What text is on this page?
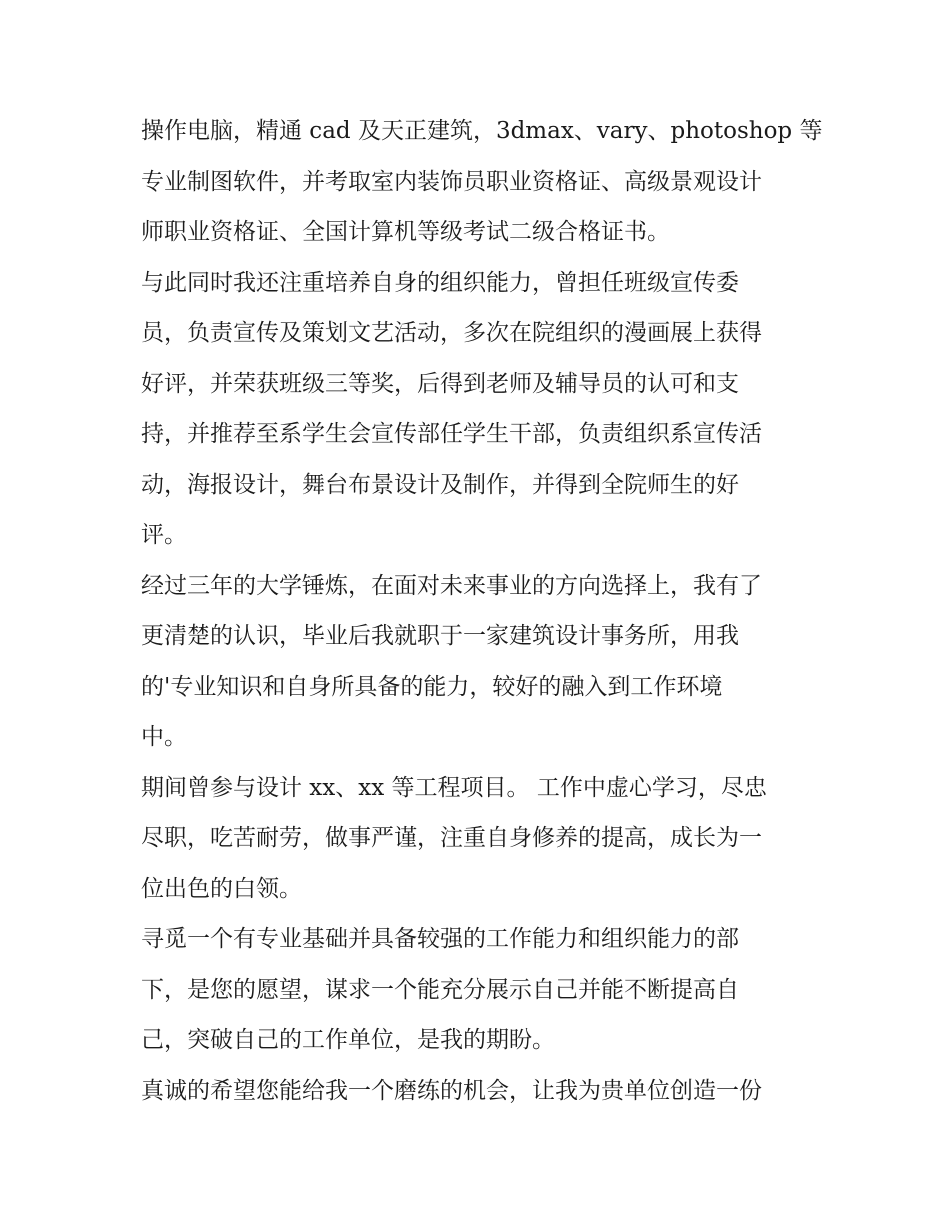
操作电脑，精通 cad 及天正建筑，3dmax、vary、photoshop 等
专业制图软件，并考取室内装饰员职业资格证、高级景观设计
师职业资格证、全国计算机等级考试二级合格证书。
与此同时我还注重培养自身的组织能力，曾担任班级宣传委
员，负责宣传及策划文艺活动，多次在院组织的漫画展上获得
好评，并荣获班级三等奖，后得到老师及辅导员的认可和支
持，并推荐至系学生会宣传部任学生干部，负责组织系宣传活
动，海报设计，舞台布景设计及制作，并得到全院师生的好
评。
经过三年的大学锤炼，在面对未来事业的方向选择上，我有了
更清楚的认识，毕业后我就职于一家建筑设计事务所，用我
的'专业知识和自身所具备的能力，较好的融入到工作环境
中。
期间曾参与设计 xx、xx 等工程项目。 工作中虚心学习，尽忠
尽职，吃苦耐劳，做事严谨，注重自身修养的提高，成长为一
位出色的白领。
寻觅一个有专业基础并具备较强的工作能力和组织能力的部
下，是您的愿望，谋求一个能充分展示自己并能不断提高自
己，突破自己的工作单位，是我的期盼。
真诚的希望您能给我一个磨练的机会，让我为贵单位创造一份
